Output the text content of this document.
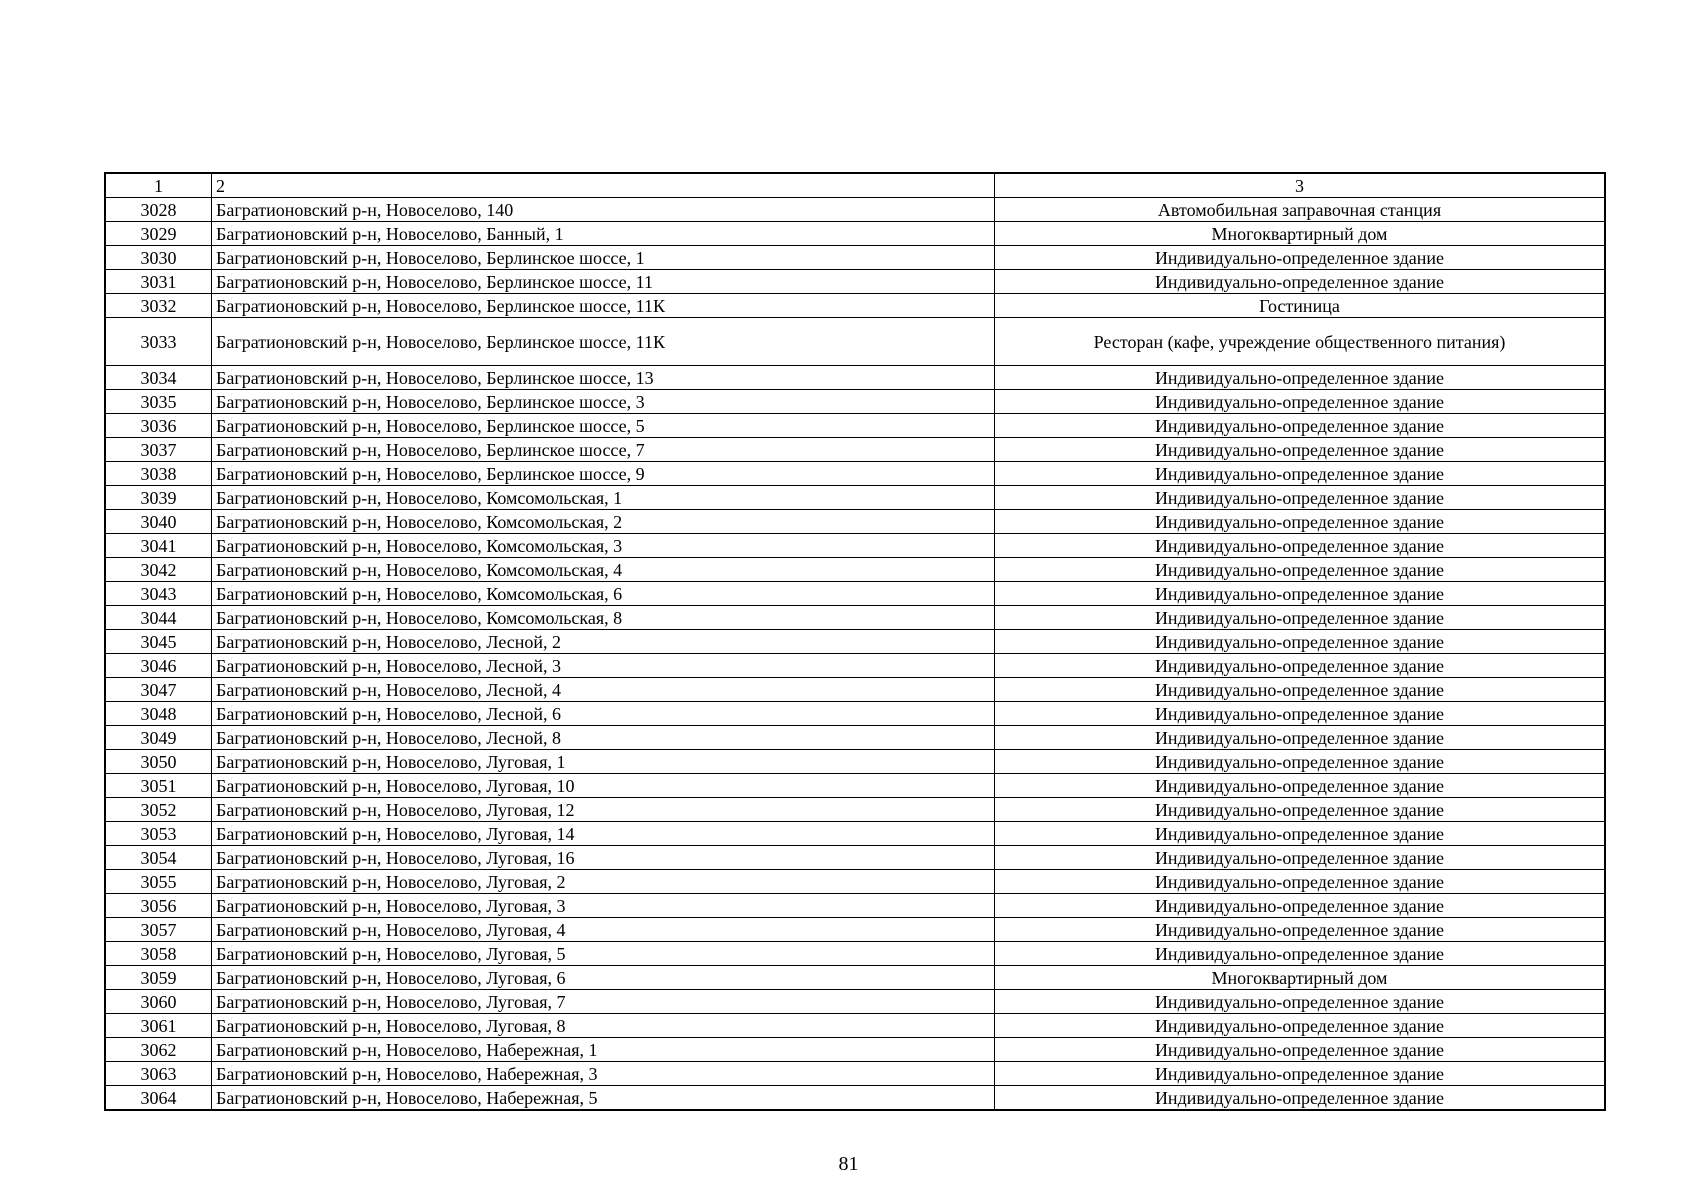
1	2	3
3028	Багратионовский р-н, Новоселово, 140	Автомобильная заправочная станция
3029	Багратионовский р-н, Новоселово, Банный, 1	Многоквартирный дом
3030	Багратионовский р-н, Новоселово, Берлинское шоссе, 1	Индивидуально-определенное здание
3031	Багратионовский р-н, Новоселово, Берлинское шоссе, 11	Индивидуально-определенное здание
3032	Багратионовский р-н, Новоселово, Берлинское шоссе, 11К	Гостиница
3033	Багратионовский р-н, Новоселово, Берлинское шоссе, 11К	Ресторан (кафе, учреждение общественного питания)
3034	Багратионовский р-н, Новоселово, Берлинское шоссе, 13	Индивидуально-определенное здание
3035	Багратионовский р-н, Новоселово, Берлинское шоссе, 3	Индивидуально-определенное здание
3036	Багратионовский р-н, Новоселово, Берлинское шоссе, 5	Индивидуально-определенное здание
3037	Багратионовский р-н, Новоселово, Берлинское шоссе, 7	Индивидуально-определенное здание
3038	Багратионовский р-н, Новоселово, Берлинское шоссе, 9	Индивидуально-определенное здание
3039	Багратионовский р-н, Новоселово, Комсомольская, 1	Индивидуально-определенное здание
3040	Багратионовский р-н, Новоселово, Комсомольская, 2	Индивидуально-определенное здание
3041	Багратионовский р-н, Новоселово, Комсомольская, 3	Индивидуально-определенное здание
3042	Багратионовский р-н, Новоселово, Комсомольская, 4	Индивидуально-определенное здание
3043	Багратионовский р-н, Новоселово, Комсомольская, 6	Индивидуально-определенное здание
3044	Багратионовский р-н, Новоселово, Комсомольская, 8	Индивидуально-определенное здание
3045	Багратионовский р-н, Новоселово, Лесной, 2	Индивидуально-определенное здание
3046	Багратионовский р-н, Новоселово, Лесной, 3	Индивидуально-определенное здание
3047	Багратионовский р-н, Новоселово, Лесной, 4	Индивидуально-определенное здание
3048	Багратионовский р-н, Новоселово, Лесной, 6	Индивидуально-определенное здание
3049	Багратионовский р-н, Новоселово, Лесной, 8	Индивидуально-определенное здание
3050	Багратионовский р-н, Новоселово, Луговая, 1	Индивидуально-определенное здание
3051	Багратионовский р-н, Новоселово, Луговая, 10	Индивидуально-определенное здание
3052	Багратионовский р-н, Новоселово, Луговая, 12	Индивидуально-определенное здание
3053	Багратионовский р-н, Новоселово, Луговая, 14	Индивидуально-определенное здание
3054	Багратионовский р-н, Новоселово, Луговая, 16	Индивидуально-определенное здание
3055	Багратионовский р-н, Новоселово, Луговая, 2	Индивидуально-определенное здание
3056	Багратионовский р-н, Новоселово, Луговая, 3	Индивидуально-определенное здание
3057	Багратионовский р-н, Новоселово, Луговая, 4	Индивидуально-определенное здание
3058	Багратионовский р-н, Новоселово, Луговая, 5	Индивидуально-определенное здание
3059	Багратионовский р-н, Новоселово, Луговая, 6	Многоквартирный дом
3060	Багратионовский р-н, Новоселово, Луговая, 7	Индивидуально-определенное здание
3061	Багратионовский р-н, Новоселово, Луговая, 8	Индивидуально-определенное здание
3062	Багратионовский р-н, Новоселово, Набережная, 1	Индивидуально-определенное здание
3063	Багратионовский р-н, Новоселово, Набережная, 3	Индивидуально-определенное здание
3064	Багратионовский р-н, Новоселово, Набережная, 5	Индивидуально-определенное здание
81
